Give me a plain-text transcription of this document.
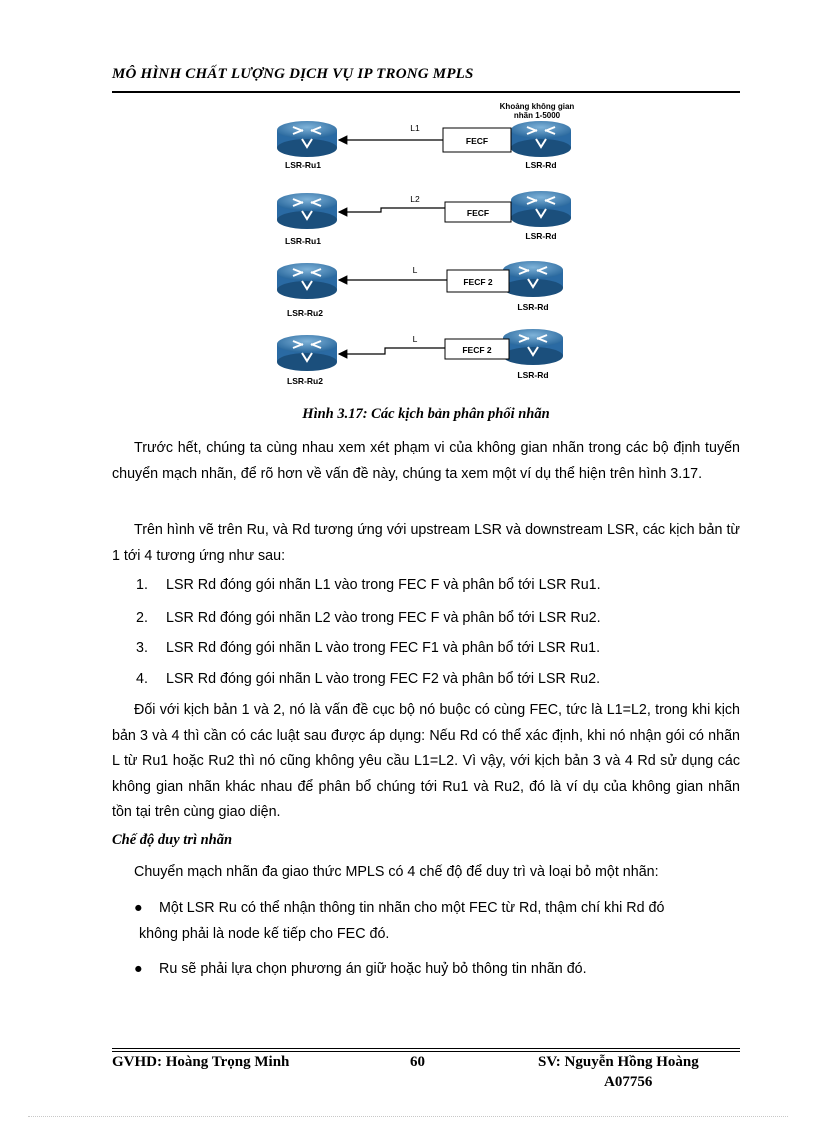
MÔ HÌNH CHẤT LƯỢNG DỊCH VỤ IP TRONG MPLS
Khoảng không gian
nhãn 1-5000
FECF
L1
LSR-Ru1	LSR-Rd
FECF
L2
LSR-Ru1	LSR-Rd
FECF 2
L
LSR-Ru2
LSR-Rd
FECF 2
L
LSR-Ru2
LSR-Rd
Hình 3.17: Các kịch bản phân phối nhãn

Trước hết, chúng ta cùng nhau xem xét phạm vi của không gian nhãn trong các bộ định tuyến chuyển mạch nhãn, để rõ hơn về vấn đề này, chúng ta xem một ví dụ thể hiện trên hình 3.17.

Trên hình vẽ trên Ru, và Rd tương ứng với upstream LSR và downstream LSR, các kịch bản từ 1 tới 4 tương ứng như sau:

1. LSR Rd đóng gói nhãn L1 vào trong FEC F và phân bổ tới LSR Ru1.
2. LSR Rd đóng gói nhãn L2 vào trong FEC F và phân bổ tới LSR Ru2.
3. LSR Rd đóng gói nhãn L vào trong FEC F1 và phân bổ tới LSR Ru1.
4. LSR Rd đóng gói nhãn L vào trong FEC F2 và phân bổ tới LSR Ru2.

Đối với kịch bản 1 và 2, nó là vấn đề cục bộ nó buộc có cùng FEC, tức là L1=L2, trong khi kịch bản 3 và 4 thì cần có các luật sau được áp dụng: Nếu Rd có thể xác định, khi nó nhận gói có nhãn L từ Ru1 hoặc Ru2 thì nó cũng không yêu cầu L1=L2. Vì vậy, với kịch bản 3 và 4 Rd sử dụng các không gian nhãn khác nhau để phân bổ chúng tới Ru1 và Ru2, đó là ví dụ của không gian nhãn tồn tại trên cùng giao diện.

Chế độ duy trì nhãn

Chuyển mạch nhãn đa giao thức MPLS có 4 chế độ để duy trì và loại bỏ một nhãn:

●	Một LSR Ru có thể nhận thông tin nhãn cho một FEC từ Rd, thậm chí khi Rd đó
không phải là node kế tiếp cho FEC đó.
●	Ru sẽ phải lựa chọn phương án giữ hoặc huỷ bỏ thông tin nhãn đó.
GVHD: Hoàng Trọng Minh	60	SV: Nguyễn Hồng Hoàng
A07756
